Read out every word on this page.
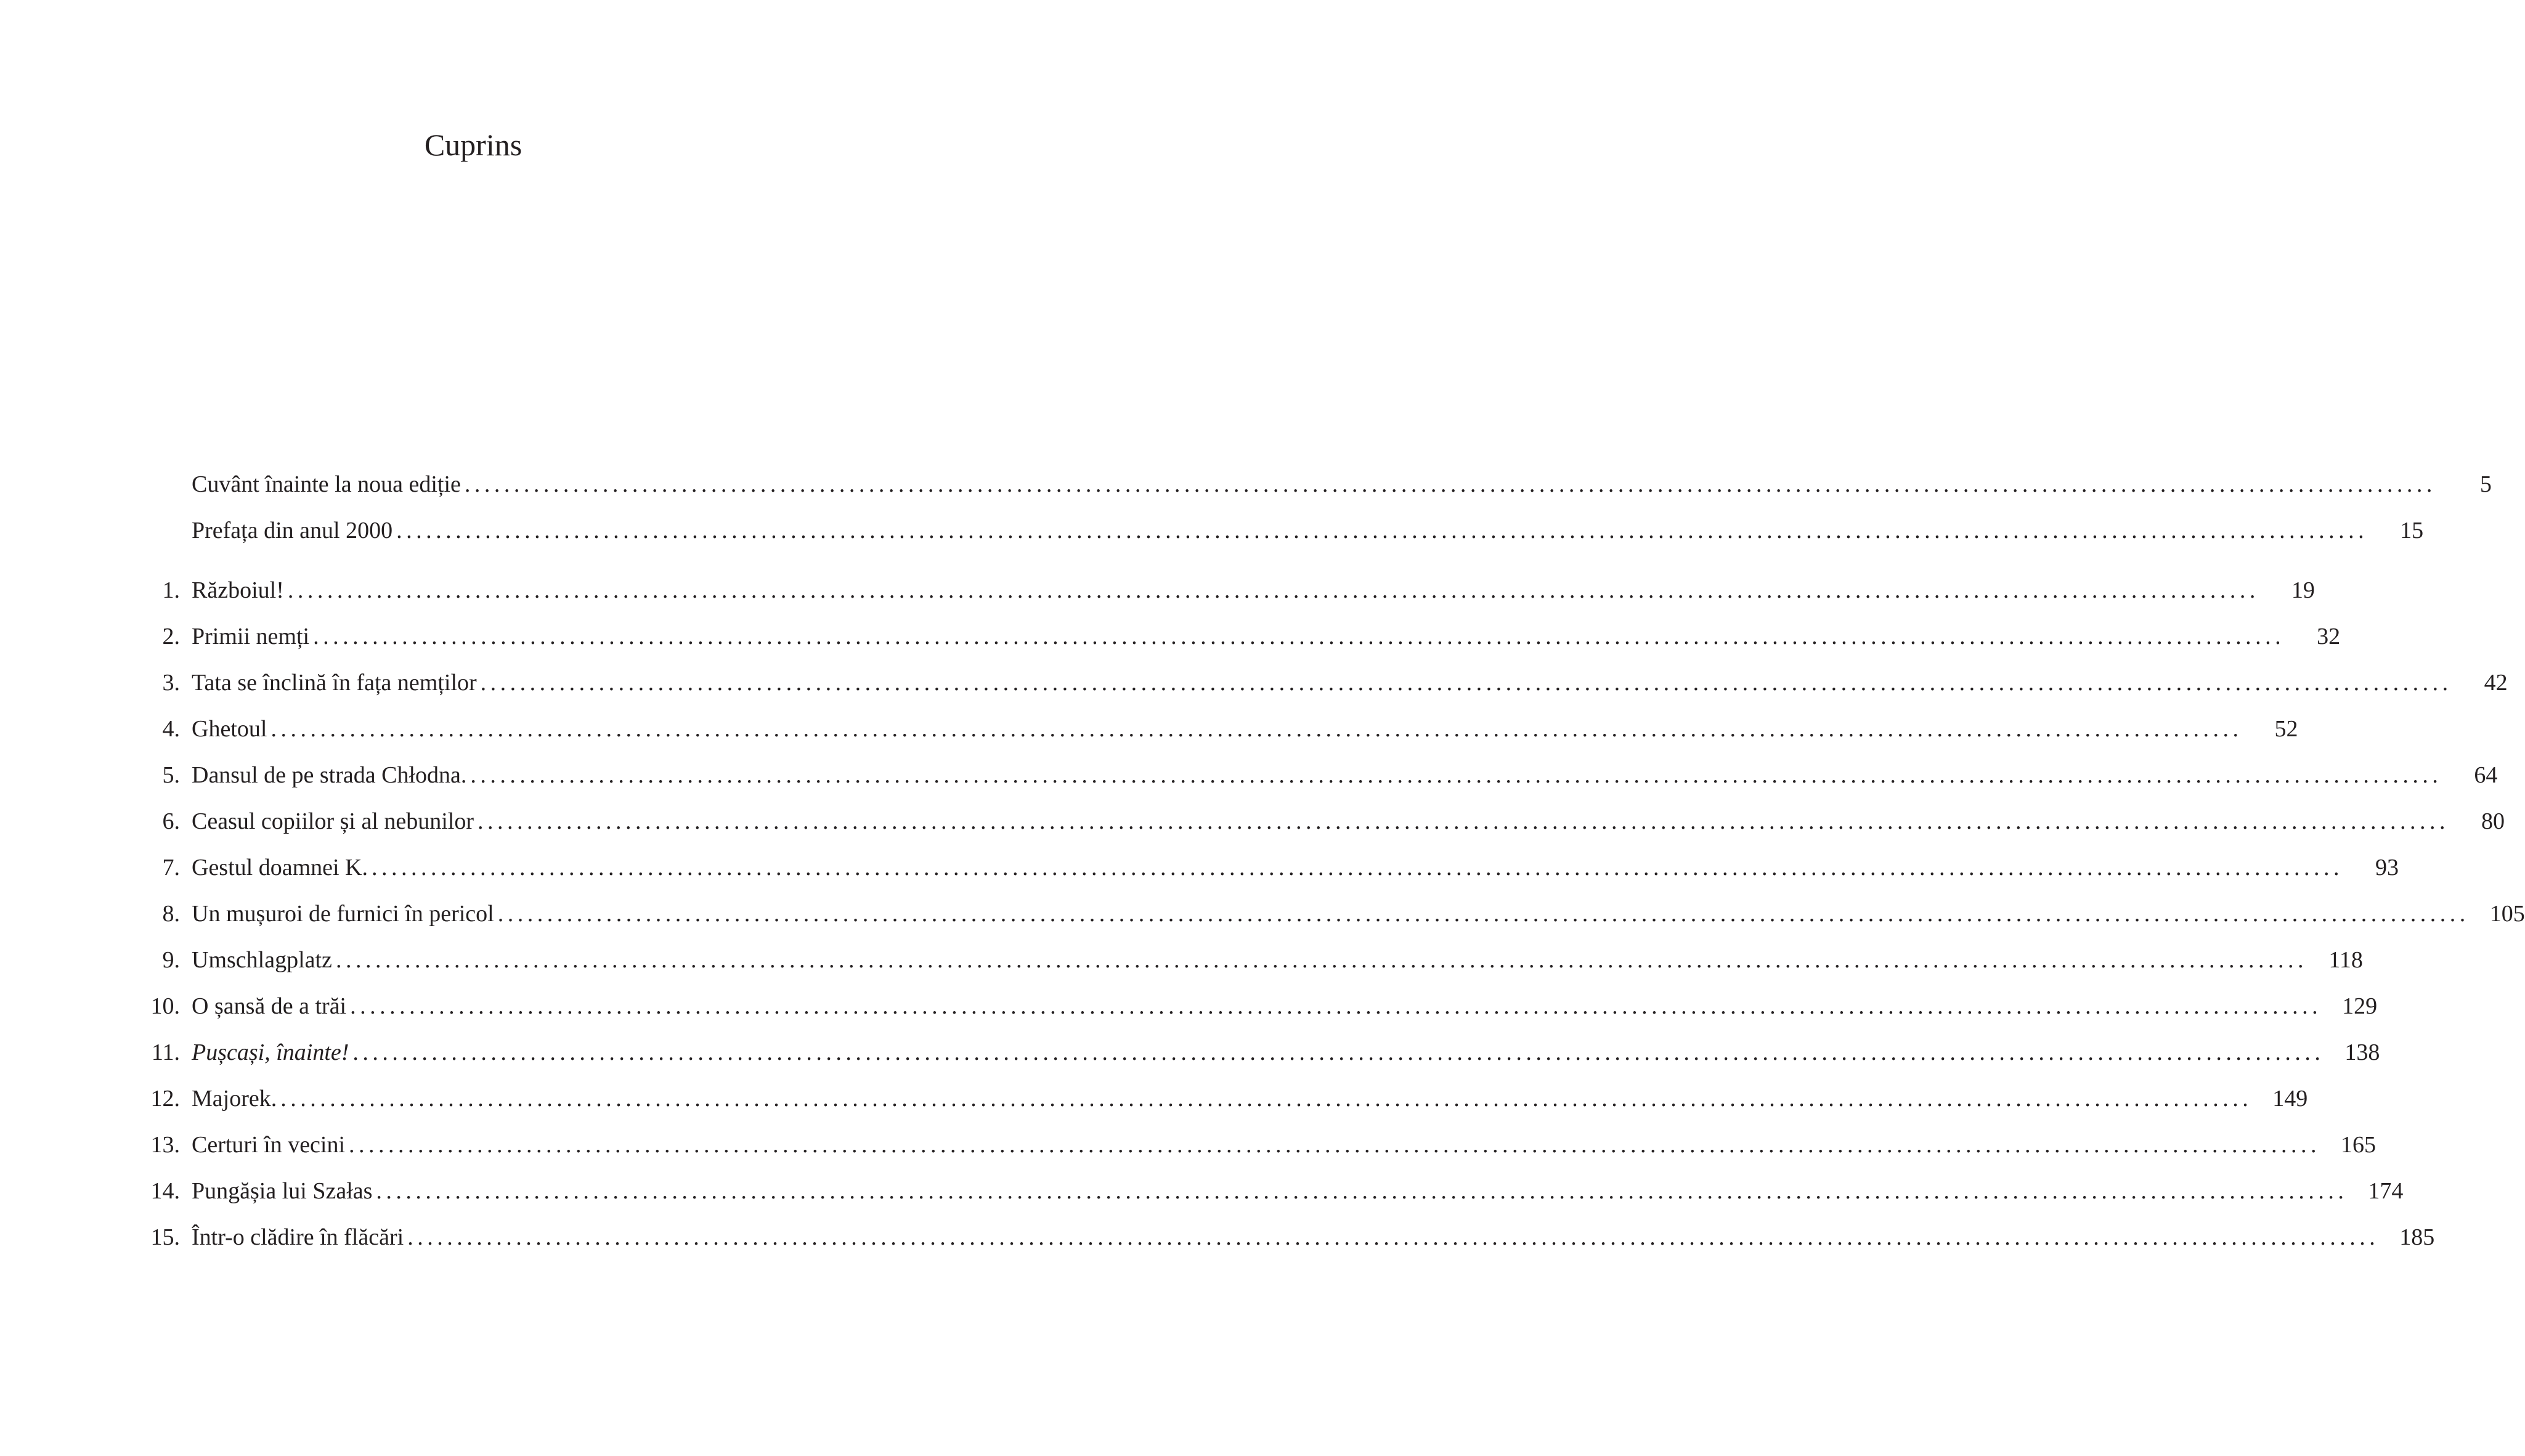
Cuprins
Cuvânt înainte la noua ediție ........................................................................................................................................................................................................	5
Prefața din anul 2000 ........................................................................................................................................................................................................	15
1. Războiul! ........................................................................................................................................................................................................	19
2. Primii nemți ........................................................................................................................................................................................................	32
3. Tata se înclină în fața nemților ........................................................................................................................................................................................................	42
4. Ghetoul ........................................................................................................................................................................................................	52
5. Dansul de pe strada Chłodna. ........................................................................................................................................................................................................	64
6. Ceasul copiilor și al nebunilor ........................................................................................................................................................................................................	80
7. Gestul doamnei K. ........................................................................................................................................................................................................	93
8. Un mușuroi de furnici în pericol ........................................................................................................................................................................................................ 105
9. Umschlagplatz ........................................................................................................................................................................................................ 118
10. O șansă de a trăi ........................................................................................................................................................................................................ 129
11. Pușcași, înainte! ........................................................................................................................................................................................................ 138
12. Majorek. ........................................................................................................................................................................................................ 149
13. Certuri în vecini ........................................................................................................................................................................................................ 165
14. Pungășia lui Szałas ........................................................................................................................................................................................................ 174
15. Într-o clădire în flăcări ........................................................................................................................................................................................................ 185
